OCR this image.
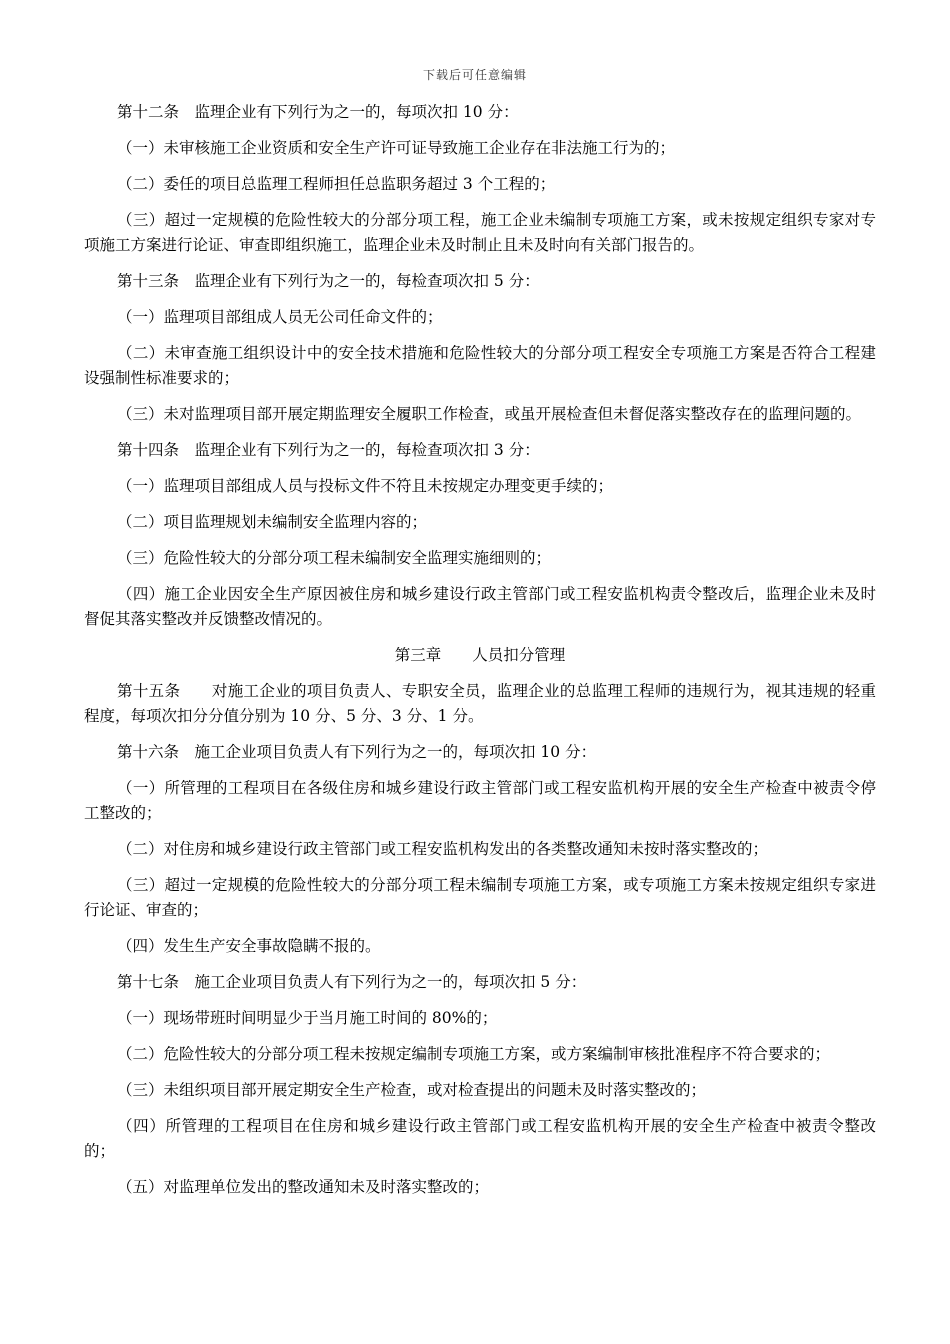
下载后可任意编辑

第十二条　监理企业有下列行为之一的，每项次扣 10 分：

（一）未审核施工企业资质和安全生产许可证导致施工企业存在非法施工行为的；

（二）委任的项目总监理工程师担任总监职务超过 3 个工程的；

（三）超过一定规模的危险性较大的分部分项工程，施工企业未编制专项施工方案，或未按规定组织专家对专项施工方案进行论证、审查即组织施工，监理企业未及时制止且未及时向有关部门报告的。

第十三条　监理企业有下列行为之一的，每检查项次扣 5 分：

（一）监理项目部组成人员无公司任命文件的；

（二）未审查施工组织设计中的安全技术措施和危险性较大的分部分项工程安全专项施工方案是否符合工程建设强制性标准要求的；

（三）未对监理项目部开展定期监理安全履职工作检查，或虽开展检查但未督促落实整改存在的监理问题的。

第十四条　监理企业有下列行为之一的，每检查项次扣 3 分：

（一）监理项目部组成人员与投标文件不符且未按规定办理变更手续的；

（二）项目监理规划未编制安全监理内容的；

（三）危险性较大的分部分项工程未编制安全监理实施细则的；

（四）施工企业因安全生产原因被住房和城乡建设行政主管部门或工程安监机构责令整改后，监理企业未及时督促其落实整改并反馈整改情况的。

第三章　　人员扣分管理

第十五条　　对施工企业的项目负责人、专职安全员，监理企业的总监理工程师的违规行为，视其违规的轻重程度，每项次扣分分值分别为 10 分、5 分、3 分、1 分。

第十六条　施工企业项目负责人有下列行为之一的，每项次扣 10 分：

（一）所管理的工程项目在各级住房和城乡建设行政主管部门或工程安监机构开展的安全生产检查中被责令停工整改的；

（二）对住房和城乡建设行政主管部门或工程安监机构发出的各类整改通知未按时落实整改的；

（三）超过一定规模的危险性较大的分部分项工程未编制专项施工方案，或专项施工方案未按规定组织专家进行论证、审查的；

（四）发生生产安全事故隐瞒不报的。

第十七条　施工企业项目负责人有下列行为之一的，每项次扣 5 分：

（一）现场带班时间明显少于当月施工时间的 80%的；

（二）危险性较大的分部分项工程未按规定编制专项施工方案，或方案编制审核批准程序不符合要求的；

（三）未组织项目部开展定期安全生产检查，或对检查提出的问题未及时落实整改的；

（四）所管理的工程项目在住房和城乡建设行政主管部门或工程安监机构开展的安全生产检查中被责令整改的；

（五）对监理单位发出的整改通知未及时落实整改的；
